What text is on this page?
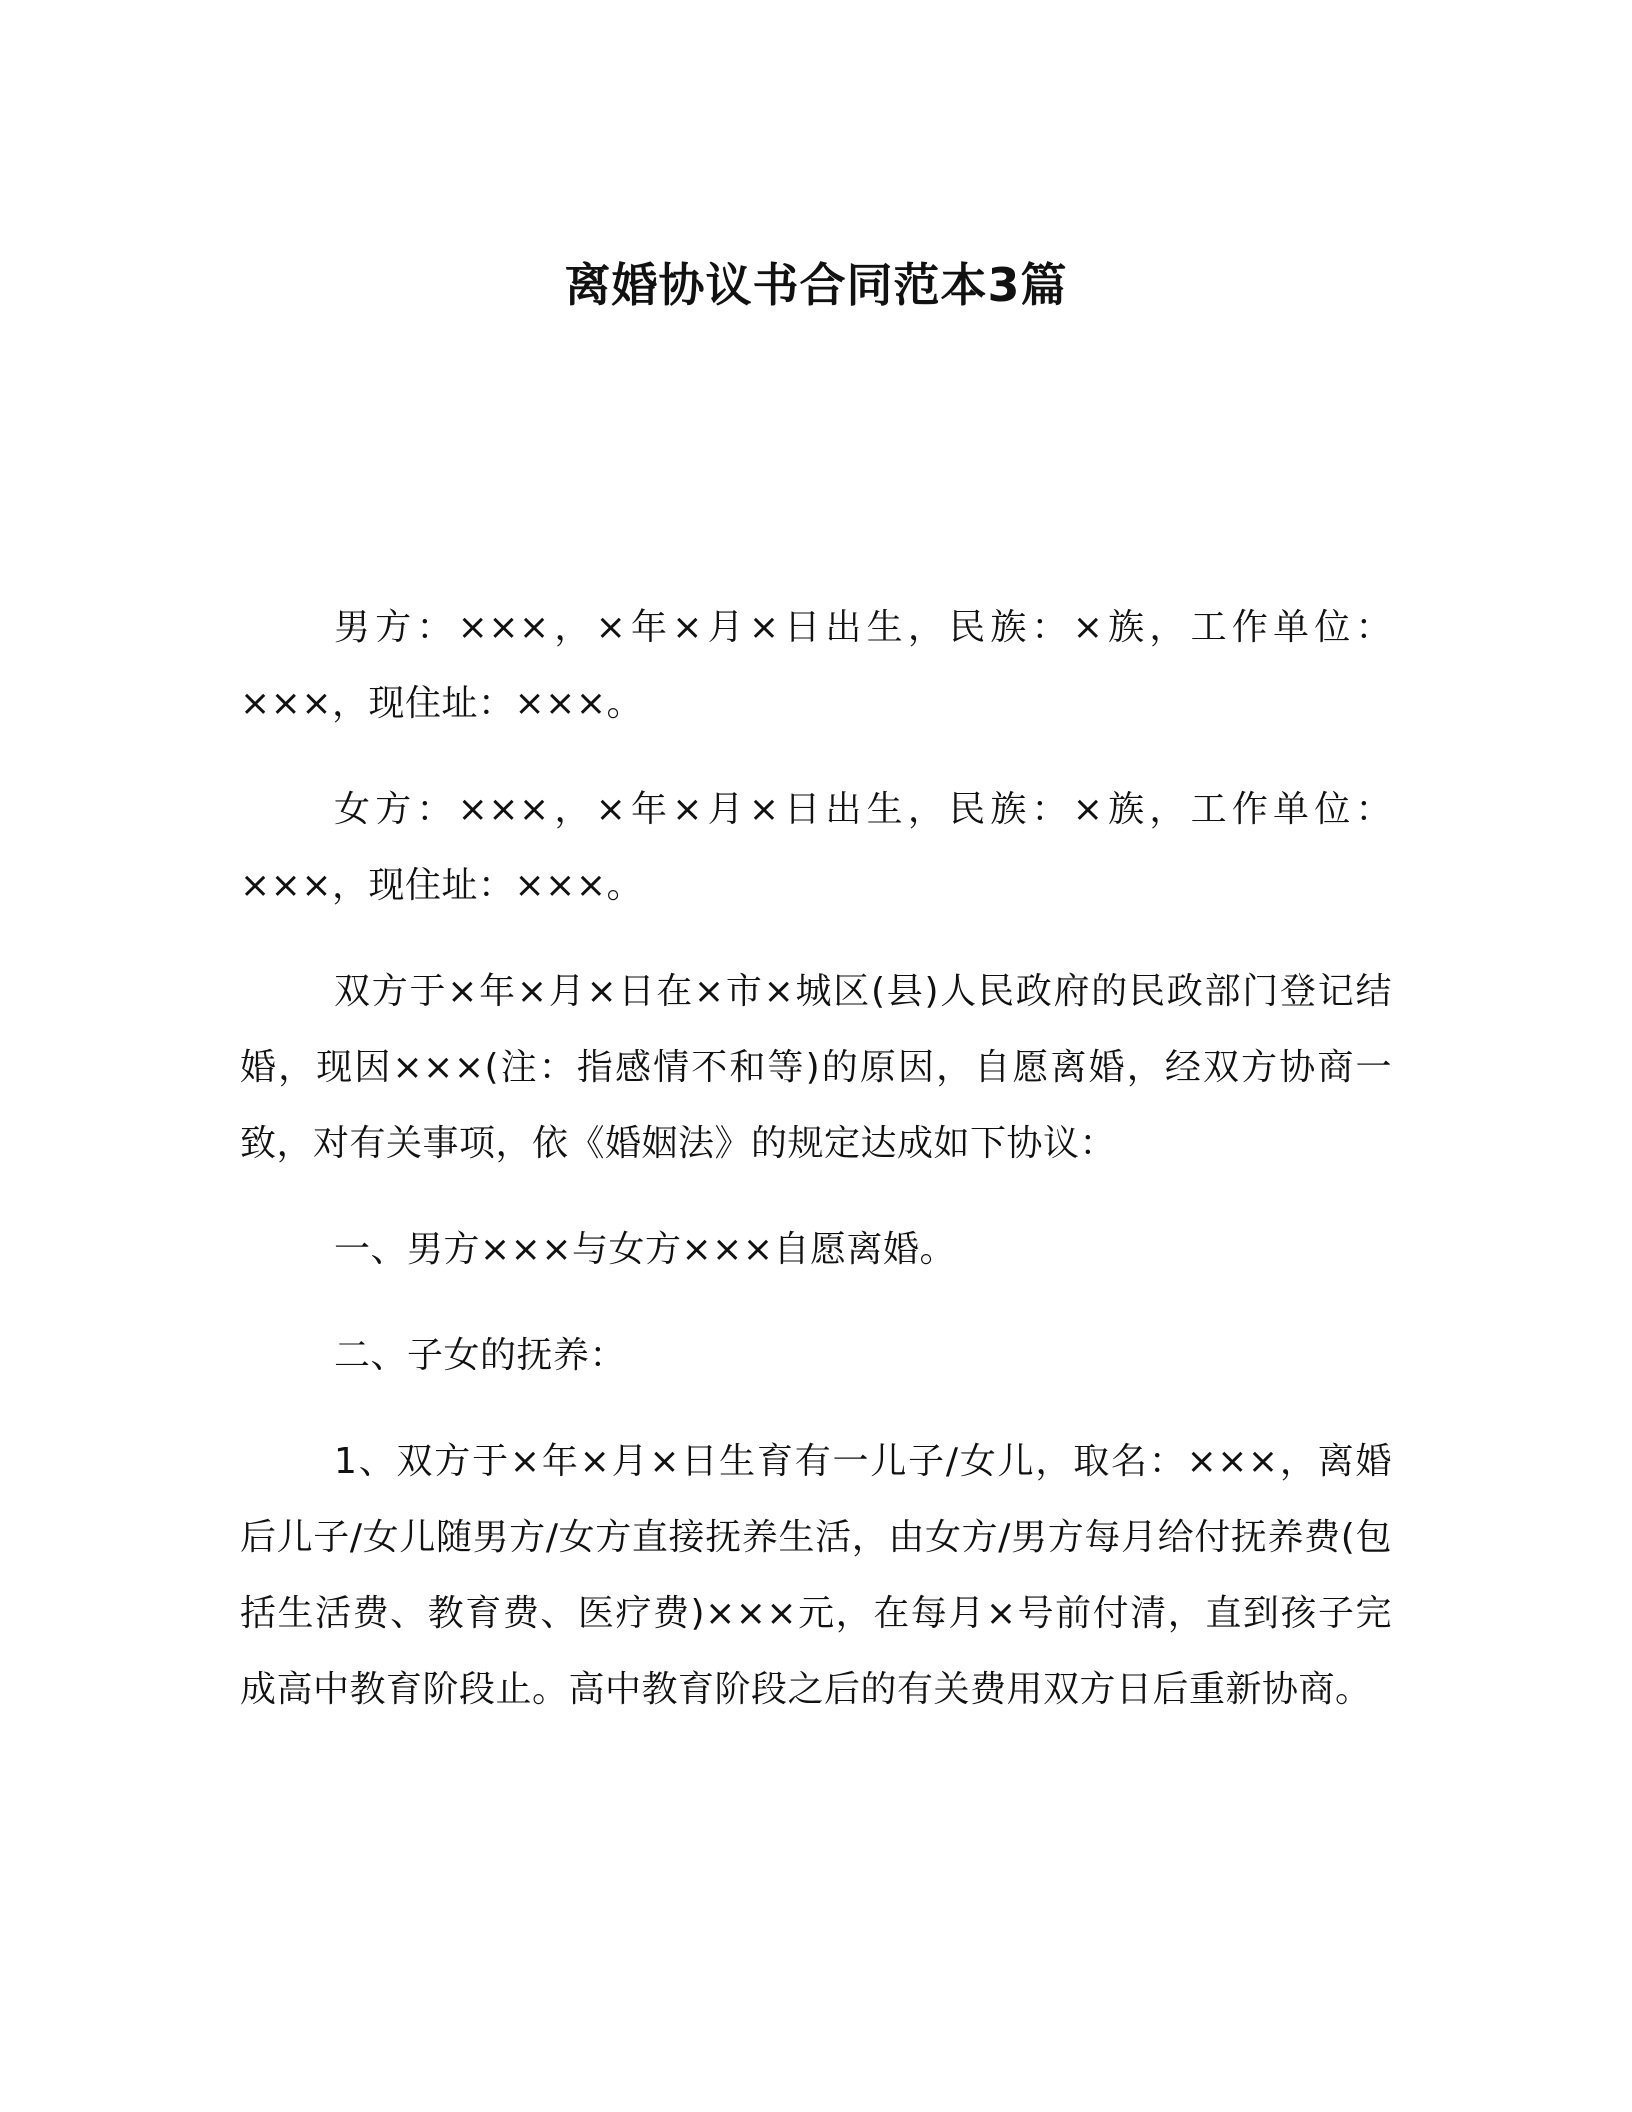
离婚协议书合同范本3篇

男方：×××，×年×月×日出生，民族：×族，工作单位：×××，现住址：×××。

女方：×××，×年×月×日出生，民族：×族，工作单位：×××，现住址：×××。

双方于×年×月×日在×市×城区(县)人民政府的民政部门登记结婚，现因×××(注：指感情不和等)的原因，自愿离婚，经双方协商一致，对有关事项，依《婚姻法》的规定达成如下协议：

一、男方×××与女方×××自愿离婚。

二、子女的抚养：

1、双方于×年×月×日生育有一儿子/女儿，取名：×××，离婚后儿子/女儿随男方/女方直接抚养生活，由女方/男方每月给付抚养费(包括生活费、教育费、医疗费)×××元，在每月×号前付清，直到孩子完成高中教育阶段止。高中教育阶段之后的有关费用双方日后重新协商。
